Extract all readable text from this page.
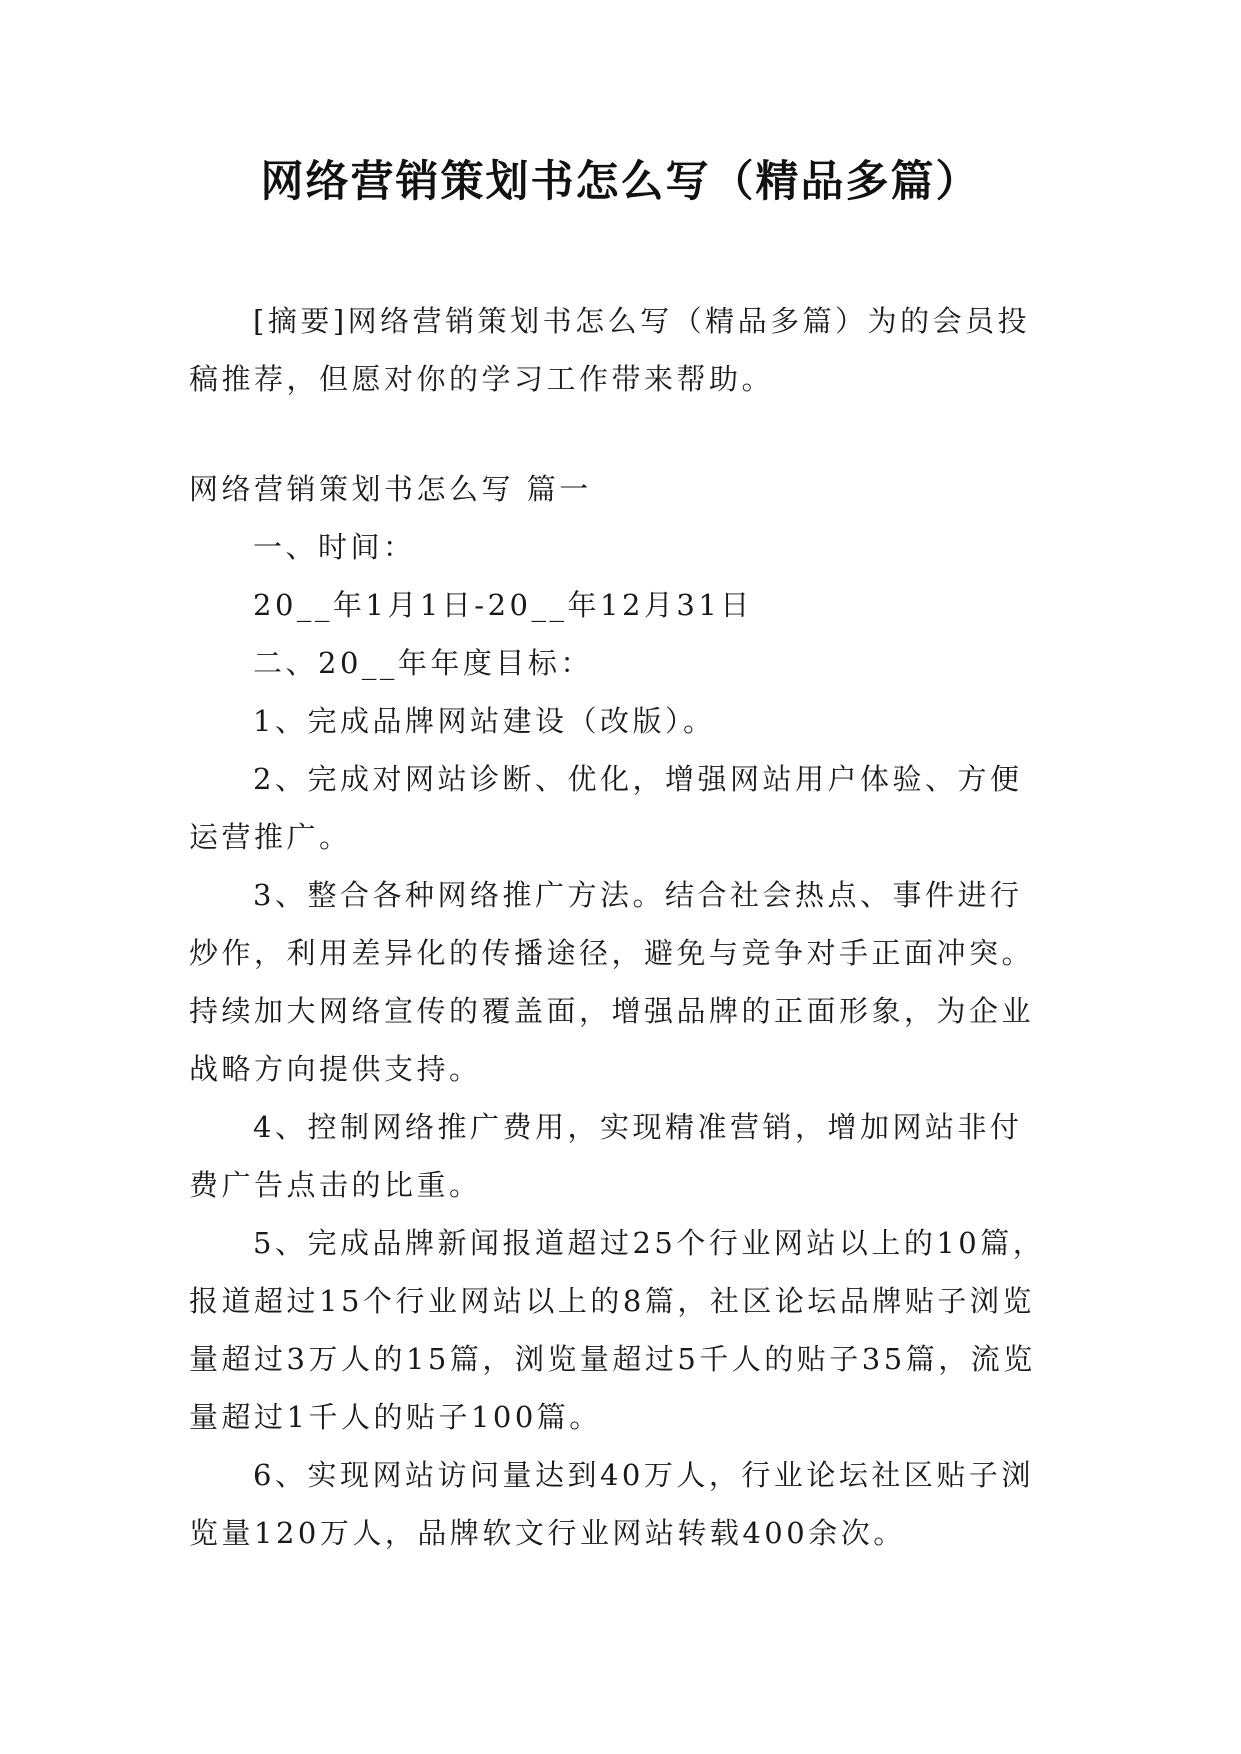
网络营销策划书怎么写（精品多篇）
[摘要]网络营销策划书怎么写（精品多篇）为的会员投稿推荐，但愿对你的学习工作带来帮助。
网络营销策划书怎么写 篇一

一、时间：

20__年1月1日-20__年12月31日

二、20__年年度目标：

1、完成品牌网站建设（改版）。

2、完成对网站诊断、优化，增强网站用户体验、方便运营推广。

3、整合各种网络推广方法。结合社会热点、事件进行炒作，利用差异化的传播途径，避免与竞争对手正面冲突。持续加大网络宣传的覆盖面，增强品牌的正面形象，为企业战略方向提供支持。

4、控制网络推广费用，实现精准营销，增加网站非付费广告点击的比重。

5、完成品牌新闻报道超过25个行业网站以上的10篇，报道超过15个行业网站以上的8篇，社区论坛品牌贴子浏览量超过3万人的15篇，浏览量超过5千人的贴子35篇，流览量超过1千人的贴子100篇。

6、实现网站访问量达到40万人，行业论坛社区贴子浏览量120万人，品牌软文行业网站转载400余次。
